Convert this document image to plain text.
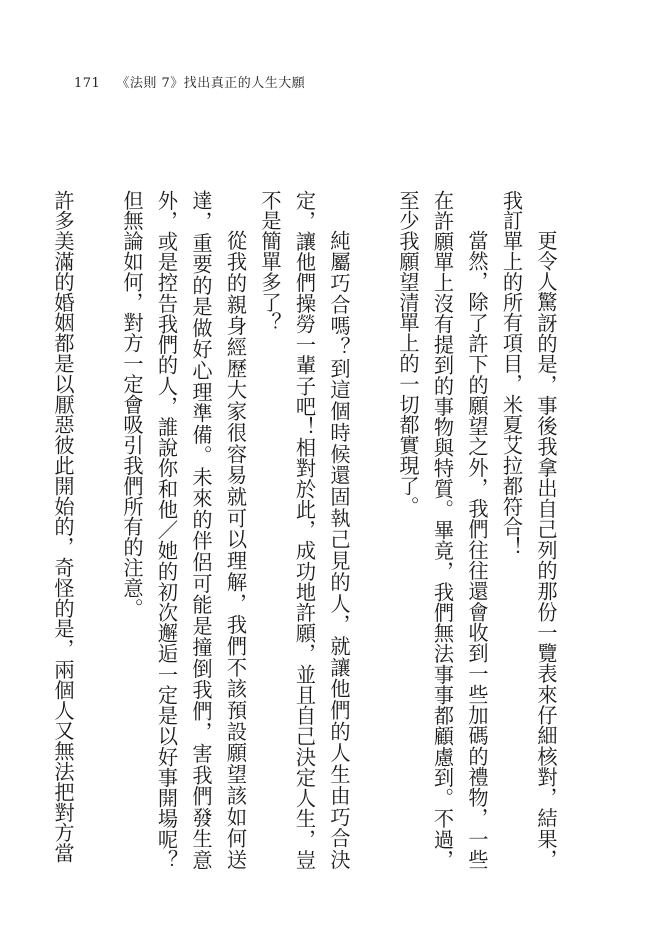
171 《法則 7》找出真正的人生大願

更令人驚訝的是，事後我拿出自己列的那份一覽表來仔細核對，結果，我訂單上的所有項目，米夏艾拉都符合！

當然，除了許下的願望之外，我們往往還會收到一些加碼的禮物，一些在許願單上沒有提到的事物與特質。畢竟，我們無法事事都顧慮到。不過，至少我願望清單上的一切都實現了。

純屬巧合嗎？到這個時候還固執己見的人，就讓他們的人生由巧合決定，讓他們操勞一輩子吧！相對於此，成功地許願，並且自己決定人生，豈不是簡單多了？

從我的親身經歷大家很容易就可以理解，我們不該預設願望該如何送達，重要的是做好心理準備。未來的伴侶可能是撞倒我們，害我們發生意外，或是控告我們的人，誰說你和他／她的初次邂逅一定是以好事開場呢？但無論如何，對方一定會吸引我們所有的注意。

許多美滿的婚姻都是以厭惡彼此開始的，奇怪的是，兩個人又無法把對方當
